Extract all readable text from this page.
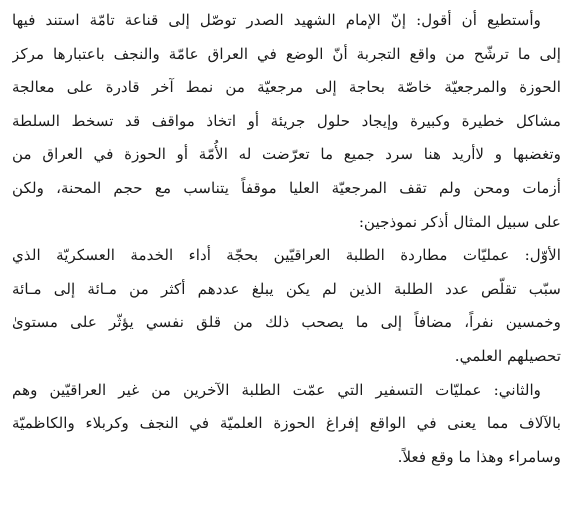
وأستطيع أن أقول: إنّ الإمام الشهيد الصدر توصّل إلى قناعة تامّة استند فيها
إلى ما ترشّح من واقع التجربة أنّ الوضع في العراق عامّة والنجف باعتبارها مركز
الحوزة والمرجعيّة خاصّة بحاجة إلى مرجعيّة من نمط آخر قادرة على معالجة
مشاكل خطيرة وكبيرة وإيجاد حلول جريئة أو اتخاذ مواقف قد تسخط السلطة
وتغضبها و لاأريد هنا سرد جميع ما تعرّضت له الأُمّة أو الحوزة في العراق من
أزمات ومحن ولم تقف المرجعيّة العليا موقفاً يتناسب مع حجم المحنة، ولكن
على سبيل المثال أذكر نموذجين:
الأوّل: عمليّات مطاردة الطلبة العراقيّين بحجّة أداء الخدمة العسكريّة الذي
سبّب تقلّص عدد الطلبة الذين لم يكن يبلغ عددهم أكثر من مـائة إلى مـائة
وخمسين نفراً، مضافاً إلى ما يصحب ذلك من قلق نفسي يؤثّر على مستوىٰ
تحصيلهم العلمي.
والثاني: عمليّات التسفير التي عمّت الطلبة الآخرين من غير العراقيّين وهم
بالآلاف مما يعنى في الواقع إفراغ الحوزة العلميّة في النجف وكربلاء والكاظميّة
وسامراء وهذا ما وقع فعلاً.
